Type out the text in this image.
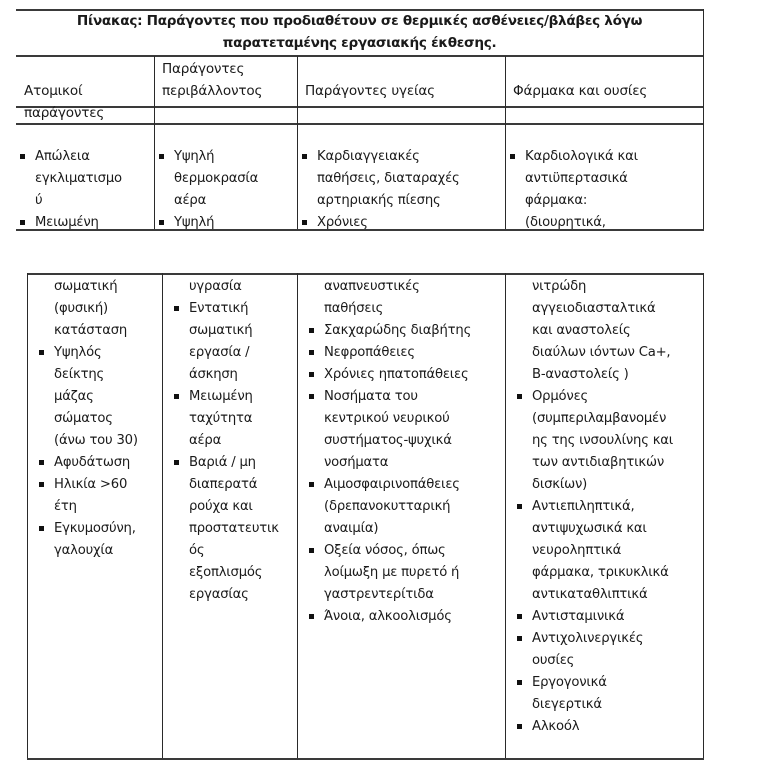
Πίνακας: Παράγοντες που προδιαθέτουν σε θερμικές ασθένειες/βλάβες λόγω
παρατεταμένης εργασιακής έκθεσης.

Ατομικοί
Παράγοντες
περιβάλλοντος	Παράγοντες υγείας	Φάρμακα και ουσίες
παράγοντες
Απώλεια
εγκλιματισμο
ύ
Μειωμένη
Υψηλή
θερμοκρασία
αέρα
Υψηλή
Καρδιαγγειακές
παθήσεις, διαταραχές
αρτηριακής πίεσης
Χρόνιες
Καρδιολογικά και
αντιϋπερτασικά
φάρμακα:
(διουρητικά,
σωματική
(φυσική)
κατάσταση
Υψηλός
δείκτης
μάζας
σώματος
(άνω του 30)
Αφυδάτωση
Ηλικία >60
έτη
Εγκυμοσύνη,
γαλουχία
υγρασία
Εντατική
σωματική
εργασία /
άσκηση
Μειωμένη
ταχύτητα
αέρα
Βαριά / μη
διαπερατά
ρούχα και
προστατευτικ
ός
εξοπλισμός
εργασίας
αναπνευστικές
παθήσεις
Σακχαρώδης διαβήτης
Νεφροπάθειες
Χρόνιες ηπατοπάθειες
Νοσήματα του
κεντρικού νευρικού
συστήματος-ψυχικά
νοσήματα
Αιμοσφαιρινοπάθειες
(δρεπανοκυτταρική
αναιμία)
Οξεία νόσος, όπως
λοίμωξη με πυρετό ή
γαστρεντερίτιδα
Άνοια, αλκοολισμός
νιτρώδη
αγγειοδιασταλτικά
και αναστολείς
διαύλων ιόντων Ca+,
Β-αναστολείς )
Ορμόνες
(συμπεριλαμβανομέν
ης της ινσουλίνης και
των αντιδιαβητικών
δισκίων)
Αντιεπιληπτικά,
αντιψυχωσικά και
νευροληπτικά
φάρμακα, τρικυκλικά
αντικαταθλιπτικά
Αντισταμινικά
Αντιχολινεργικές
ουσίες
Εργογονικά
διεγερτικά
Αλκοόλ
